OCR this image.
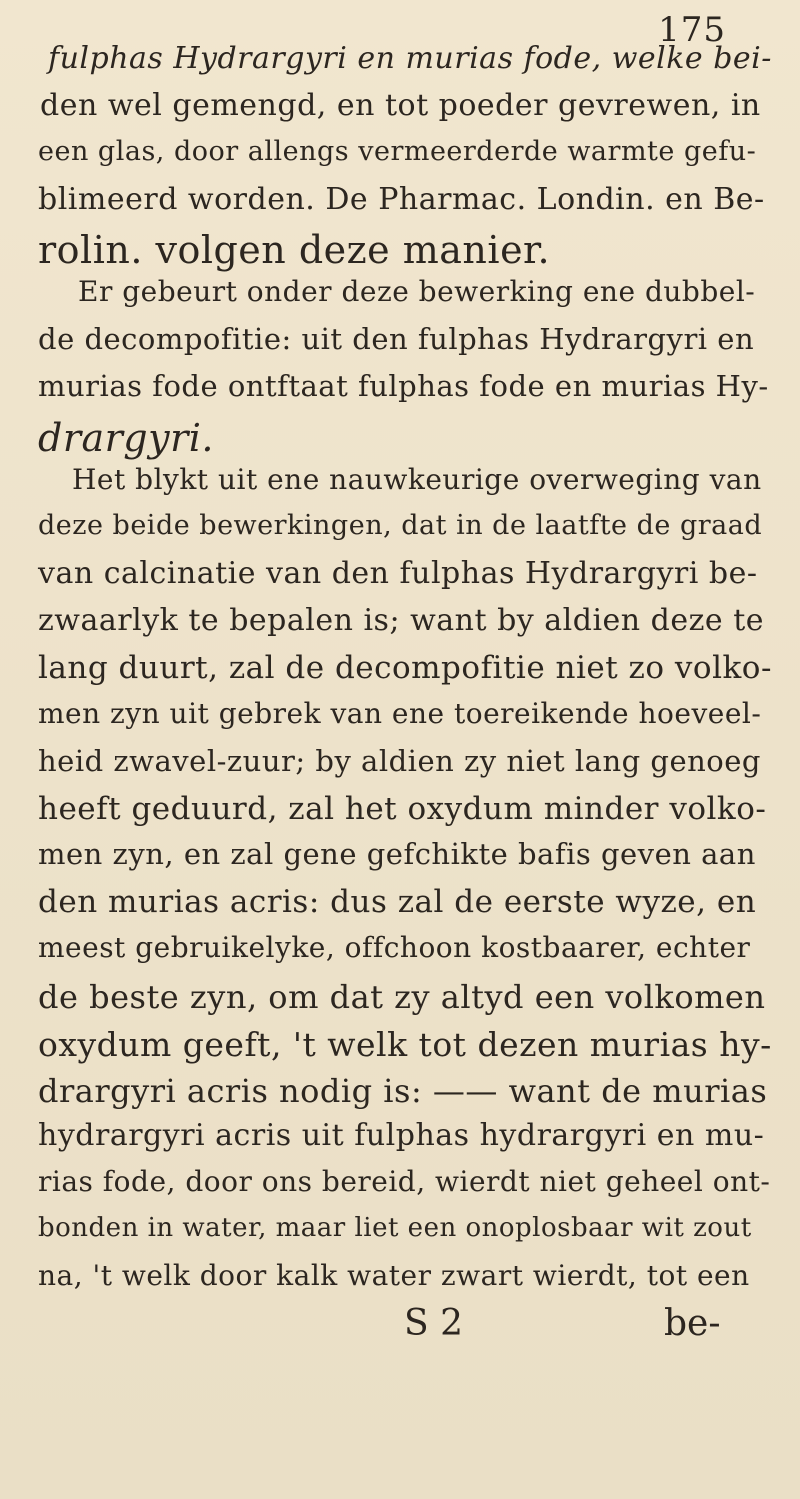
175
fulphas Hydrargyri en murias fode, welke bei-
den wel gemengd, en tot poeder gevrewen, in
een glas, door allengs vermeerderde warmte gefu-
blimeerd worden. De Pharmac. Londin. en Be-
rolin. volgen deze manier.
Er gebeurt onder deze bewerking ene dubbel-
de decompofitie: uit den fulphas Hydrargyri en
murias fode ontftaat fulphas fode en murias Hy-
drargyri.
Het blykt uit ene nauwkeurige overweging van
deze beide bewerkingen, dat in de laatfte de graad
van calcinatie van den fulphas Hydrargyri be-
zwaarlyk te bepalen is; want by aldien deze te
lang duurt, zal de decompofitie niet zo volko-
men zyn uit gebrek van ene toereikende hoeveel-
heid zwavel-zuur; by aldien zy niet lang genoeg
heeft geduurd, zal het oxydum minder volko-
men zyn, en zal gene gefchikte bafis geven aan
den murias acris: dus zal de eerste wyze, en
meest gebruikelyke, offchoon kostbaarer, echter
de beste zyn, om dat zy altyd een volkomen
oxydum geeft, 't welk tot dezen murias hy-
drargyri acris nodig is: —— want de murias
hydrargyri acris uit fulphas hydrargyri en mu-
rias fode, door ons bereid, wierdt niet geheel ont-
bonden in water, maar liet een onoplosbaar wit zout
na, 't welk door kalk water zwart wierdt, tot een
S 2	be-
